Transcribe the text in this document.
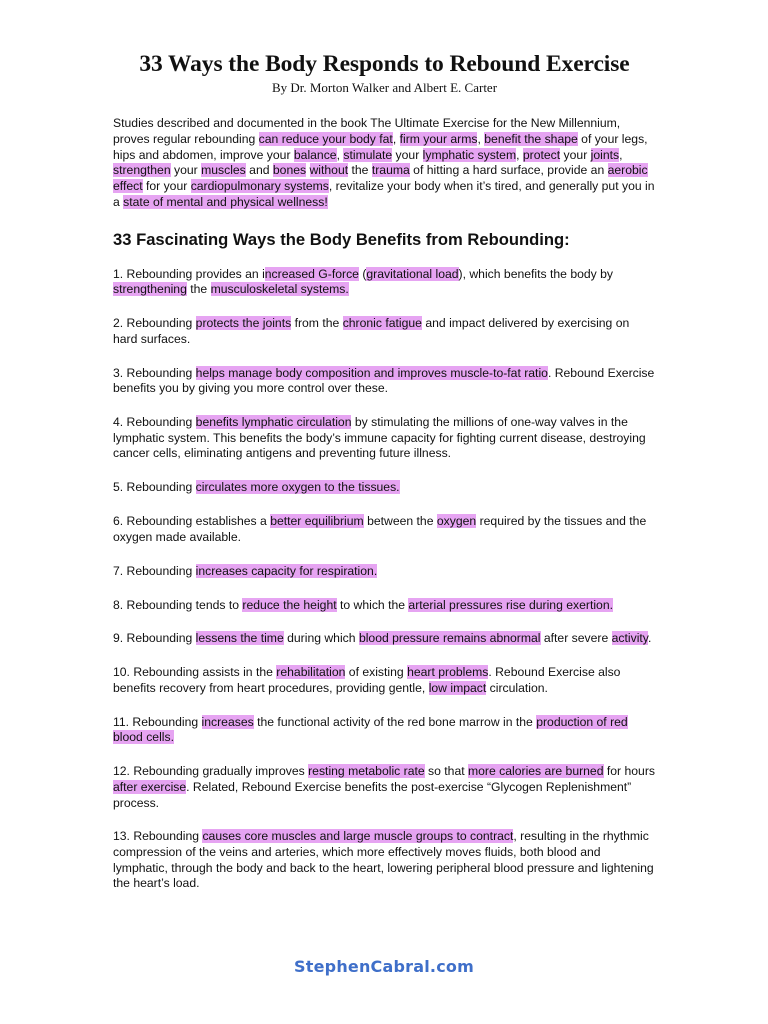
33 Ways the Body Responds to Rebound Exercise
By Dr. Morton Walker and Albert E. Carter

Studies described and documented in the book The Ultimate Exercise for the New Millennium, proves regular rebounding can reduce your body fat, firm your arms, benefit the shape of your legs, hips and abdomen, improve your balance, stimulate your lymphatic system, protect your joints, strengthen your muscles and bones without the trauma of hitting a hard surface, provide an aerobic effect for your cardiopulmonary systems, revitalize your body when it’s tired, and generally put you in a state of mental and physical wellness!

33 Fascinating Ways the Body Benefits from Rebounding:
1. Rebounding provides an increased G-force (gravitational load), which benefits the body by strengthening the musculoskeletal systems.
2. Rebounding protects the joints from the chronic fatigue and impact delivered by exercising on hard surfaces.
3. Rebounding helps manage body composition and improves muscle-to-fat ratio. Rebound Exercise benefits you by giving you more control over these.
4. Rebounding benefits lymphatic circulation by stimulating the millions of one-way valves in the lymphatic system. This benefits the body’s immune capacity for fighting current disease, destroying cancer cells, eliminating antigens and preventing future illness.
5. Rebounding circulates more oxygen to the tissues.
6. Rebounding establishes a better equilibrium between the oxygen required by the tissues and the oxygen made available.
7. Rebounding increases capacity for respiration.
8. Rebounding tends to reduce the height to which the arterial pressures rise during exertion.
9. Rebounding lessens the time during which blood pressure remains abnormal after severe activity.
10. Rebounding assists in the rehabilitation of existing heart problems. Rebound Exercise also benefits recovery from heart procedures, providing gentle, low impact circulation.
11. Rebounding increases the functional activity of the red bone marrow in the production of red blood cells.
12. Rebounding gradually improves resting metabolic rate so that more calories are burned for hours after exercise. Related, Rebound Exercise benefits the post-exercise “Glycogen Replenishment” process.
13. Rebounding causes core muscles and large muscle groups to contract, resulting in the rhythmic compression of the veins and arteries, which more effectively moves fluids, both blood and lymphatic, through the body and back to the heart, lowering peripheral blood pressure and lightening the heart’s load.
StephenCabral.com
